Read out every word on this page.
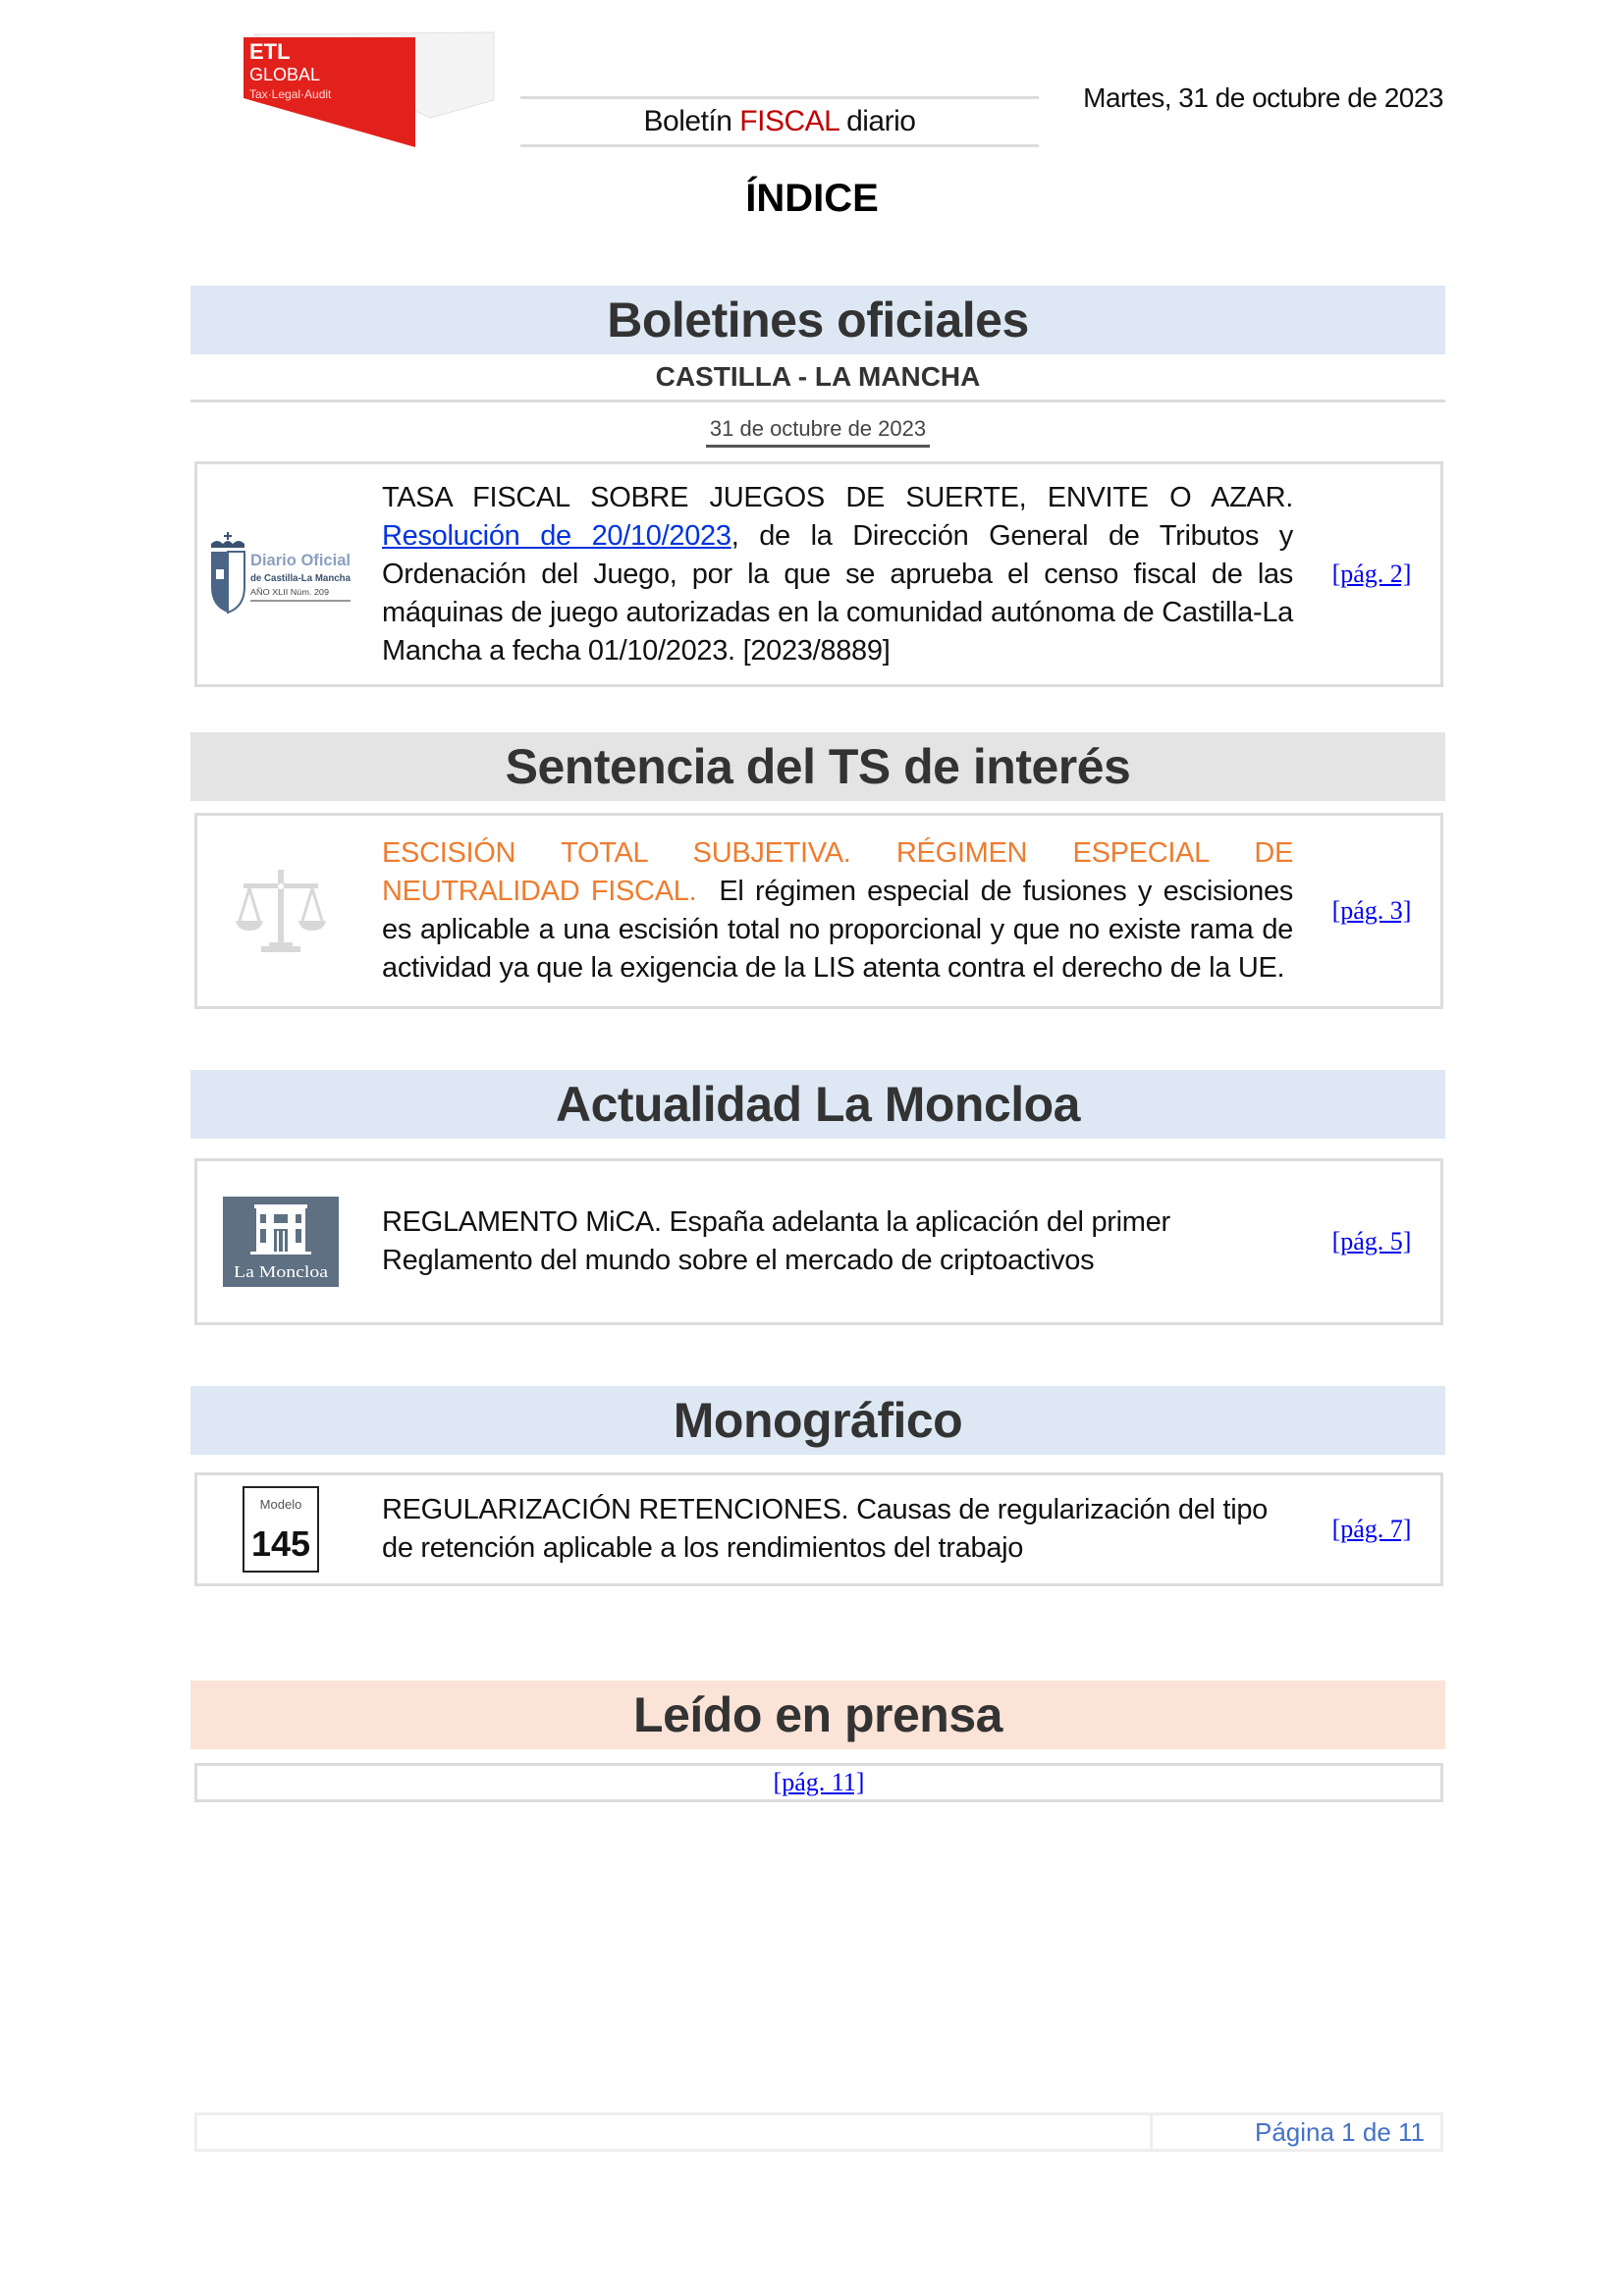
ETL
GLOBAL
Tax·Legal·Audit
Boletín FISCAL diario
Martes, 31 de octubre de 2023
ÍNDICE
Boletines oficiales
CASTILLA - LA MANCHA
31 de octubre de 2023
Diario Oficial
de Castilla-La Mancha
AÑO XLII Núm. 209

TASA FISCAL SOBRE JUEGOS DE SUERTE, ENVITE O AZAR. Resolución de 20/10/2023, de la Dirección General de Tributos y Ordenación del Juego, por la que se aprueba el censo fiscal de las máquinas de juego autorizadas en la comunidad autónoma de Castilla-La Mancha a fecha 01/10/2023. [2023/8889]

[pág. 2]
Sentencia del TS de interés

ESCISIÓN TOTAL SUBJETIVA. RÉGIMEN ESPECIAL DE NEUTRALIDAD FISCAL. El régimen especial de fusiones y escisiones es aplicable a una escisión total no proporcional y que no existe rama de actividad ya que la exigencia de la LIS atenta contra el derecho de la UE.

[pág. 3]
Actualidad La Moncloa
La Moncloa

REGLAMENTO MiCA. España adelanta la aplicación del primer Reglamento del mundo sobre el mercado de criptoactivos

[pág. 5]
Monográfico
Modelo
145

REGULARIZACIÓN RETENCIONES. Causas de regularización del tipo de retención aplicable a los rendimientos del trabajo

[pág. 7]
Leído en prensa
[pág. 11]
Página 1 de 11
